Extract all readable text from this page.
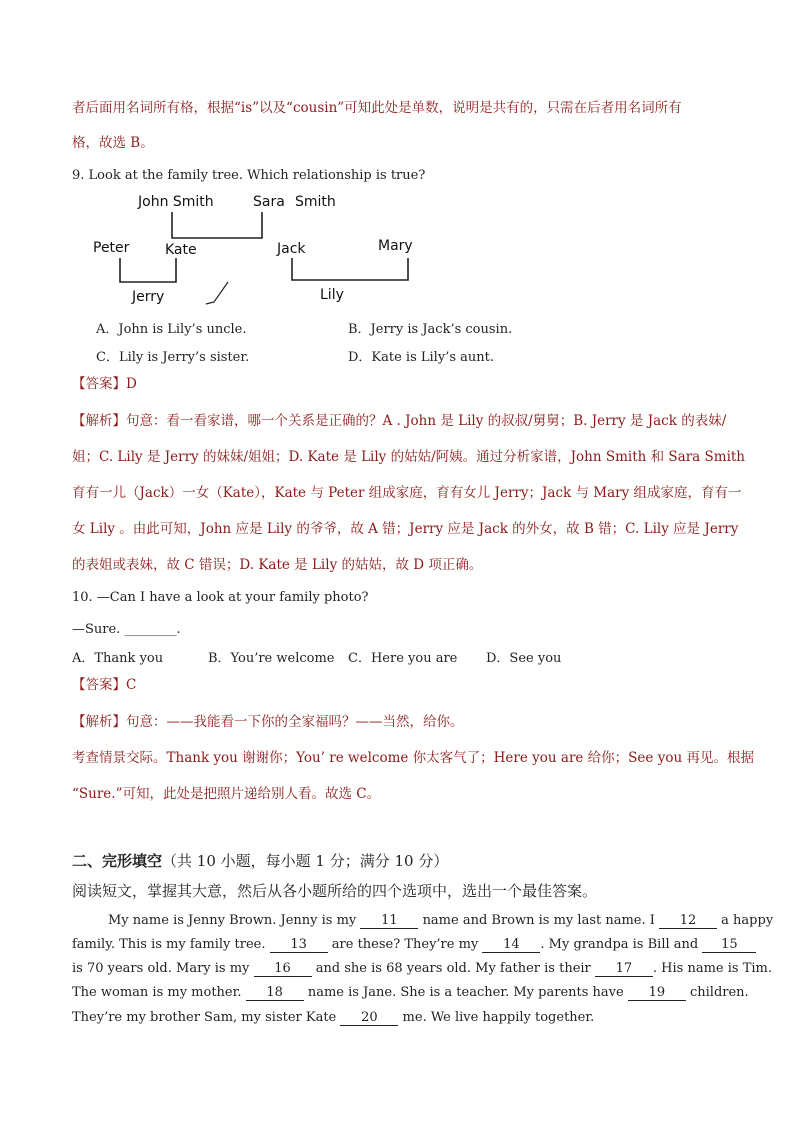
者后面用名词所有格，根据“is”以及“cousin”可知此处是单数，说明是共有的，只需在后者用名词所有
格，故选 B。
9. Look at the family tree. Which relationship is true?
John Smith	Sara Smith
Peter	Kate	Jack	Mary
Jerry	Lily
A．John is Lily’s uncle.	B．Jerry is Jack’s cousin.
C．Lily is Jerry’s sister.	D．Kate is Lily’s aunt.
【答案】D
【解析】句意：看一看家谱，哪一个关系是正确的？A . John 是 Lily 的叔叔/舅舅；B. Jerry 是 Jack 的表妹/
姐；C. Lily 是 Jerry 的妹妹/姐姐；D. Kate 是 Lily 的姑姑/阿姨。通过分析家谱，John Smith 和 Sara Smith
育有一儿（Jack）一女（Kate），Kate 与 Peter 组成家庭，育有女儿 Jerry；Jack 与 Mary 组成家庭，育有一
女 Lily 。由此可知，John 应是 Lily 的爷爷，故 A 错；Jerry 应是 Jack 的外女，故 B 错；C. Lily 应是 Jerry
的表姐或表妹，故 C 错误；D. Kate 是 Lily 的姑姑，故 D 项正确。
10. —Can I have a look at your family photo?
—Sure. ________.
A．Thank you	B．You’re welcome C．Here you are D．See you
【答案】C
【解析】句意：——我能看一下你的全家福吗？——当然，给你。
考查情景交际。Thank you 谢谢你；You’ re welcome 你太客气了；Here you are 给你；See you 再见。根据
“Sure.”可知，此处是把照片递给别人看。故选 C。
二、完形填空（共 10 小题，每小题 1 分；满分 10 分）
阅读短文，掌握其大意，然后从各小题所给的四个选项中，选出一个最佳答案。
My name is Jenny Brown. Jenny is my 11 name and Brown is my last name. I 12 a happy
family. This is my family tree. 13 are these? They’re my 14 . My grandpa is Bill and 15
is 70 years old. Mary is my 16 and she is 68 years old. My father is their 17 . His name is Tim.
The woman is my mother. 18 name is Jane. She is a teacher. My parents have 19 children.
They’re my brother Sam, my sister Kate 20 me. We live happily together.
